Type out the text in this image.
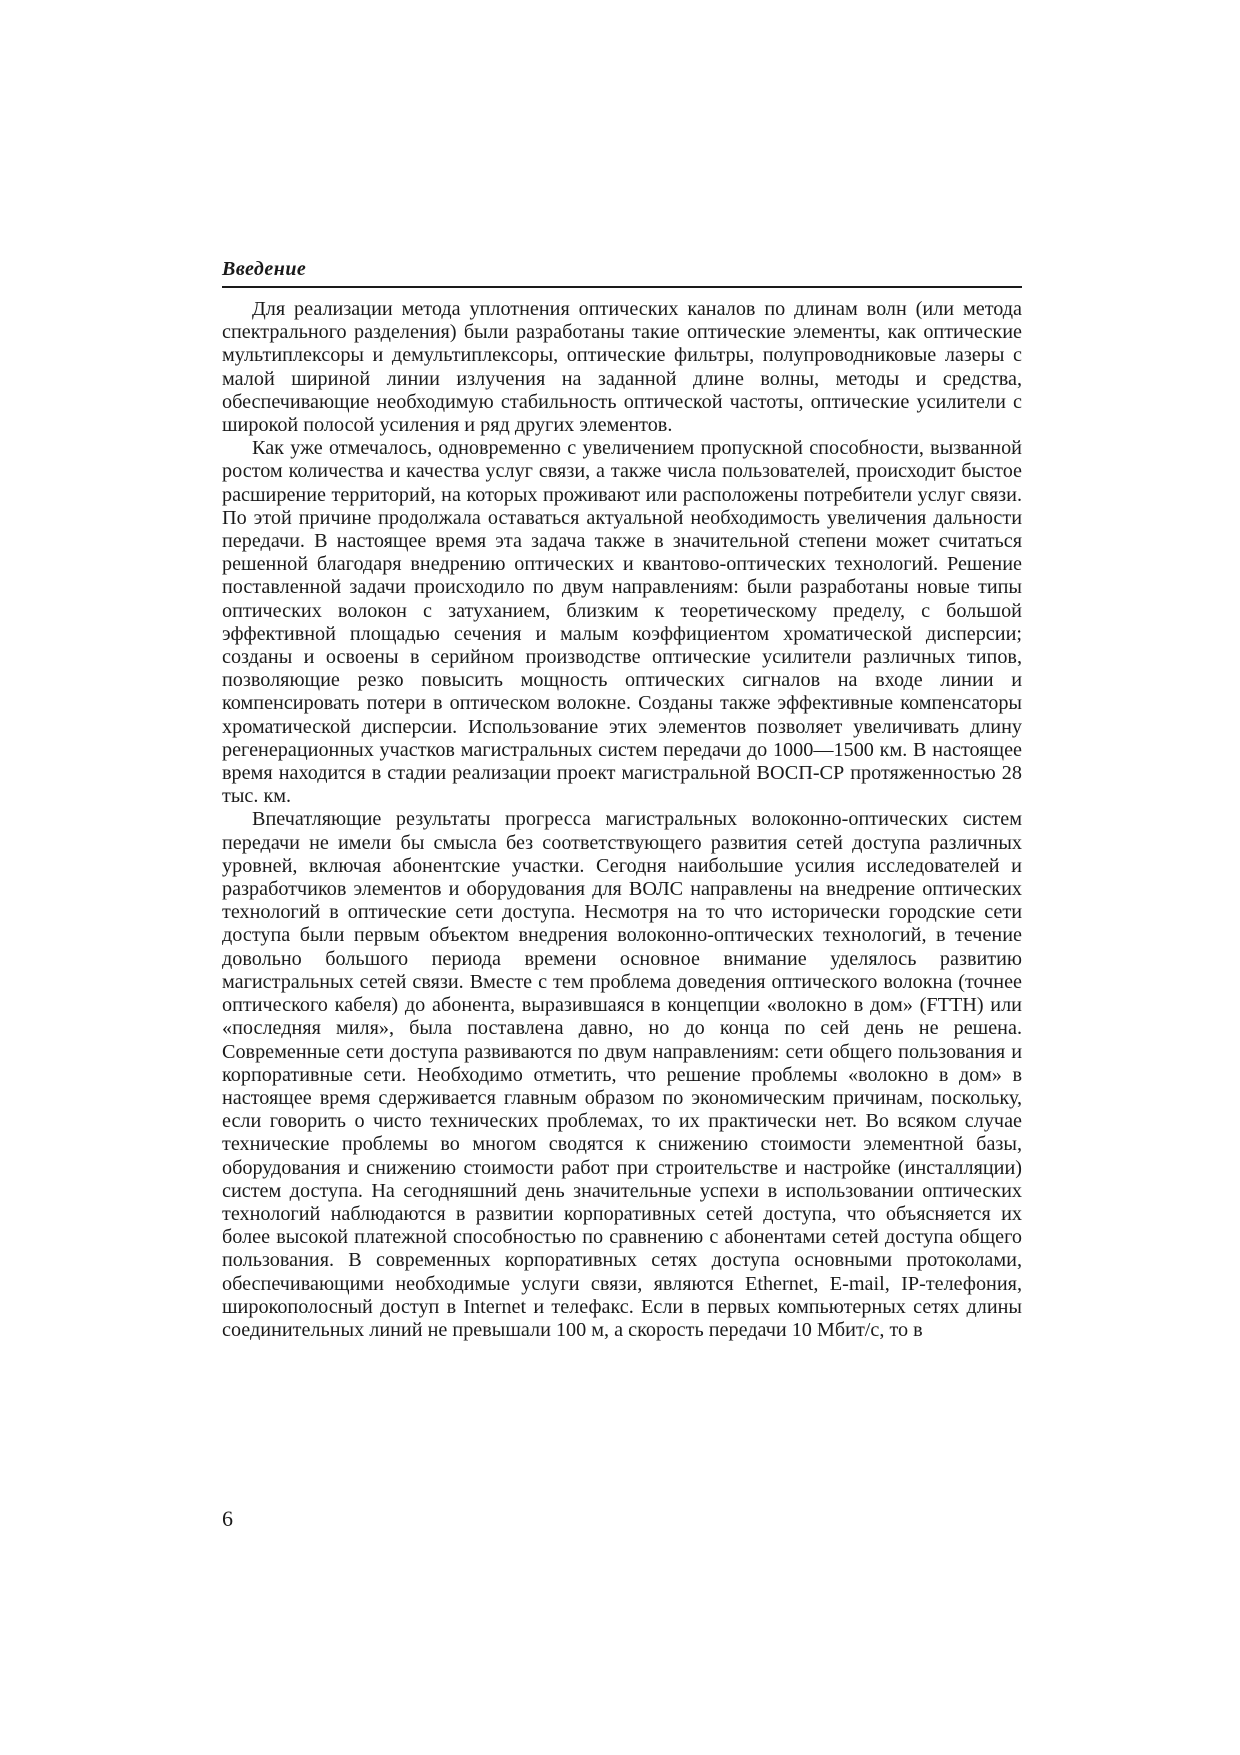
Введение

Для реализации метода уплотнения оптических каналов по длинам волн (или метода спектрального разделения) были разработаны такие оптические элементы, как оптические мультиплексоры и демультиплексоры, оптические фильтры, полупроводниковые лазеры с малой шириной линии излучения на заданной длине волны, методы и средства, обеспечивающие необходимую стабильность оптической частоты, оптические усилители с широкой полосой усиления и ряд других элементов.

Как уже отмечалось, одновременно с увеличением пропускной способности, вызванной ростом количества и качества услуг связи, а также числа пользователей, происходит быстое расширение территорий, на которых проживают или расположены потребители услуг связи. По этой причине продолжала оставаться актуальной необходимость увеличения дальности передачи. В настоящее время эта задача также в значительной степени может считаться решенной благодаря внедрению оптических и квантово-оптических технологий. Решение поставленной задачи происходило по двум направлениям: были разработаны новые типы оптических волокон с затуханием, близким к теоретическому пределу, с большой эффективной площадью сечения и малым коэффициентом хроматической дисперсии; созданы и освоены в серийном производстве оптические усилители различных типов, позволяющие резко повысить мощность оптических сигналов на входе линии и компенсировать потери в оптическом волокне. Созданы также эффективные компенсаторы хроматической дисперсии. Использование этих элементов позволяет увеличивать длину регенерационных участков магистральных систем передачи до 1000—1500 км. В настоящее время находится в стадии реализации проект магистральной ВОСП-СР протяженностью 28 тыс. км.

Впечатляющие результаты прогресса магистральных волоконно-оптических систем передачи не имели бы смысла без соответствующего развития сетей доступа различных уровней, включая абонентские участки. Сегодня наибольшие усилия исследователей и разработчиков элементов и оборудования для ВОЛС направлены на внедрение оптических технологий в оптические сети доступа. Несмотря на то что исторически городские сети доступа были первым объектом внедрения волоконно-оптических технологий, в течение довольно большого периода времени основное внимание уделялось развитию магистральных сетей связи. Вместе с тем проблема доведения оптического волокна (точнее оптического кабеля) до абонента, выразившаяся в концепции «волокно в дом» (FTTH) или «последняя миля», была поставлена давно, но до конца по сей день не решена. Современные сети доступа развиваются по двум направлениям: сети общего пользования и корпоративные сети. Необходимо отметить, что решение проблемы «волокно в дом» в настоящее время сдерживается главным образом по экономическим причинам, поскольку, если говорить о чисто технических проблемах, то их практически нет. Во всяком случае технические проблемы во многом сводятся к снижению стоимости элементной базы, оборудования и снижению стоимости работ при строительстве и настройке (инсталляции) систем доступа. На сегодняшний день значительные успехи в использовании оптических технологий наблюдаются в развитии корпоративных сетей доступа, что объясняется их более высокой платежной способностью по сравнению с абонентами сетей доступа общего пользования. В современных корпоративных сетях доступа основными протоколами, обеспечивающими необходимые услуги связи, являются Ethernet, E-mail, IP-телефония, широкополосный доступ в Internet и телефакс. Если в первых компьютерных сетях длины соединительных линий не превышали 100 м, а скорость передачи 10 Мбит/с, то в

6
